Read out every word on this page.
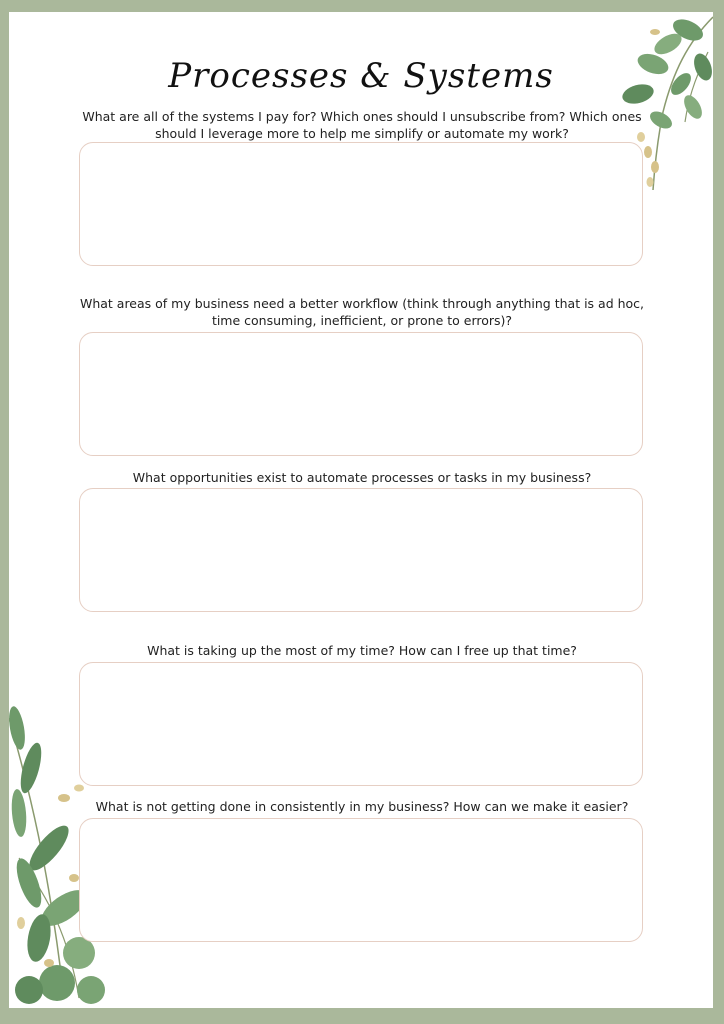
Processes & Systems
What are all of the systems I pay for? Which ones should I unsubscribe from? Which ones should I leverage more to help me simplify or automate my work?
What areas of my business need a better workflow (think through anything that is ad hoc, time consuming, inefficient, or prone to errors)?
What opportunities exist to automate processes or tasks in my business?
What is taking up the most of my time? How can I free up that time?
What is not getting done in consistently in my business? How can we make it easier?
